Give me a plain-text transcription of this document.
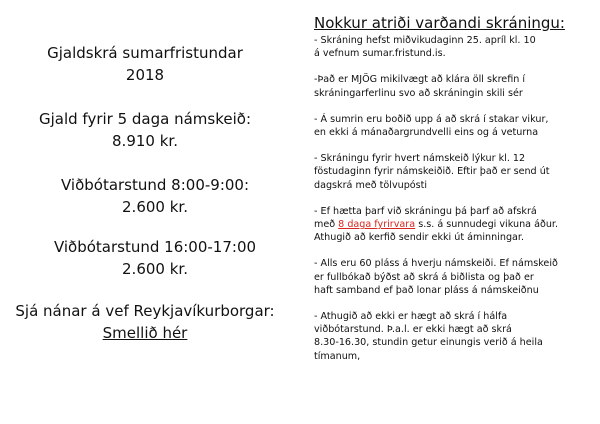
Gjaldskrá sumarfristundar
2018
Gjald fyrir 5 daga námskeið:
8.910 kr.
Viðbótarstund 8:00-9:00:
2.600 kr.
Viðbótarstund 16:00-17:00
2.600 kr.
Sjá nánar á vef Reykjavíkurborgar:
Smellið hér
Nokkur atriði varðandi skráningu:
- Skráning hefst miðvikudaginn 25. apríl kl. 10
á vefnum sumar.fristund.is.
-Það er MJÖG mikilvægt að klára öll skrefin í
skráningarferlinu svo að skráningin skili sér
- Á sumrin eru boðið upp á að skrá í stakar vikur,
en ekki á mánaðargrundvelli eins og á veturna
- Skráningu fyrir hvert námskeið lýkur kl. 12
föstudaginn fyrir námskeiðið. Eftir það er send út
dagskrá með tölvupósti
- Ef hætta þarf við skráningu þá þarf að afskrá
með 8 daga fyrirvara s.s. á sunnudegi vikuna áður.
Athugið að kerfið sendir ekki út áminningar.
- Alls eru 60 pláss á hverju námskeiði. Ef námskeið
er fullbókað býðst að skrá á biðlista og það er
haft samband ef það lonar pláss á námskeiðnu
- Athugið að ekki er hægt að skrá í hálfa
viðbótarstund. Þ.a.l. er ekki hægt að skrá
8.30-16.30, stundin getur einungis verið á heila
tímanum,
